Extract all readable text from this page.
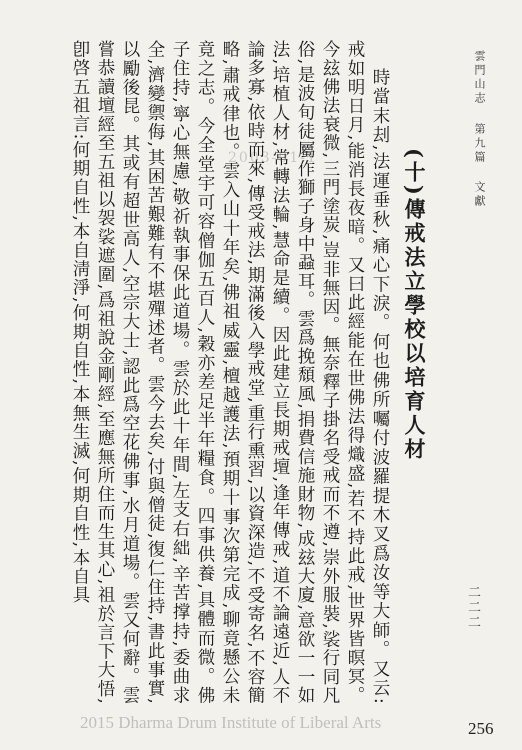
雲門山志 第九篇 文獻
(十)傳戒法立學校以培育人材

時當末刦,法運垂秋,痛心下淚。何也佛所囑付波羅提木叉爲汝等大師。又云:戒如明日月,能消長夜暗。又曰此經能在世佛法得熾盛,若不持此戒,世界皆暝冥。今玆佛法衰微,三門塗炭,豈非無因。無奈釋子掛名受戒而不遵,崇外服裝,裟行同凡俗,是波旬徒屬作獅子身中蝨耳。雲爲挽頹風,捐費信施財物,成玆大廈,意欲一一如法,培植人材,常轉法輪,慧命是續。因此建立長期戒壇,逢年傳戒,道不論遠近,人不論多寡,依時而來,傳受戒法,期滿後入學戒堂,重行熏習,以資深造,不受寄名,不容簡略,肅戒律也。雲入山十年矣,佛祖威靈,檀越護法,預期十事次第完成,聊竟懸公未竟之志。今全堂宇可容僧伽五百人,穀亦差足半年糧食。四事供養,具體而微。佛子住持,寧心無慮,敬祈執事保此道場。雲於此十年間,左支右絀,辛苦撑持,委曲求全,濟變禦侮,其困苦艱難有不堪殫述者。雲今去矣,付與僧徒,復仁住持,書此事實,以勵後昆。其或有超世高人,空宗大士,認此爲空花佛事,水月道場。雲又何辭。雲嘗恭讀壇經至五祖以袈裟遮圍,爲祖說金剛經,至應無所住而生其心,祖於言下大悟,卽啓五祖言:何期自性,本自淸淨,何期自性,本無生滅,何期自性,本自具

二二二
2003-01-1
2015 Dharma Drum Institute of Liberal Arts	256
